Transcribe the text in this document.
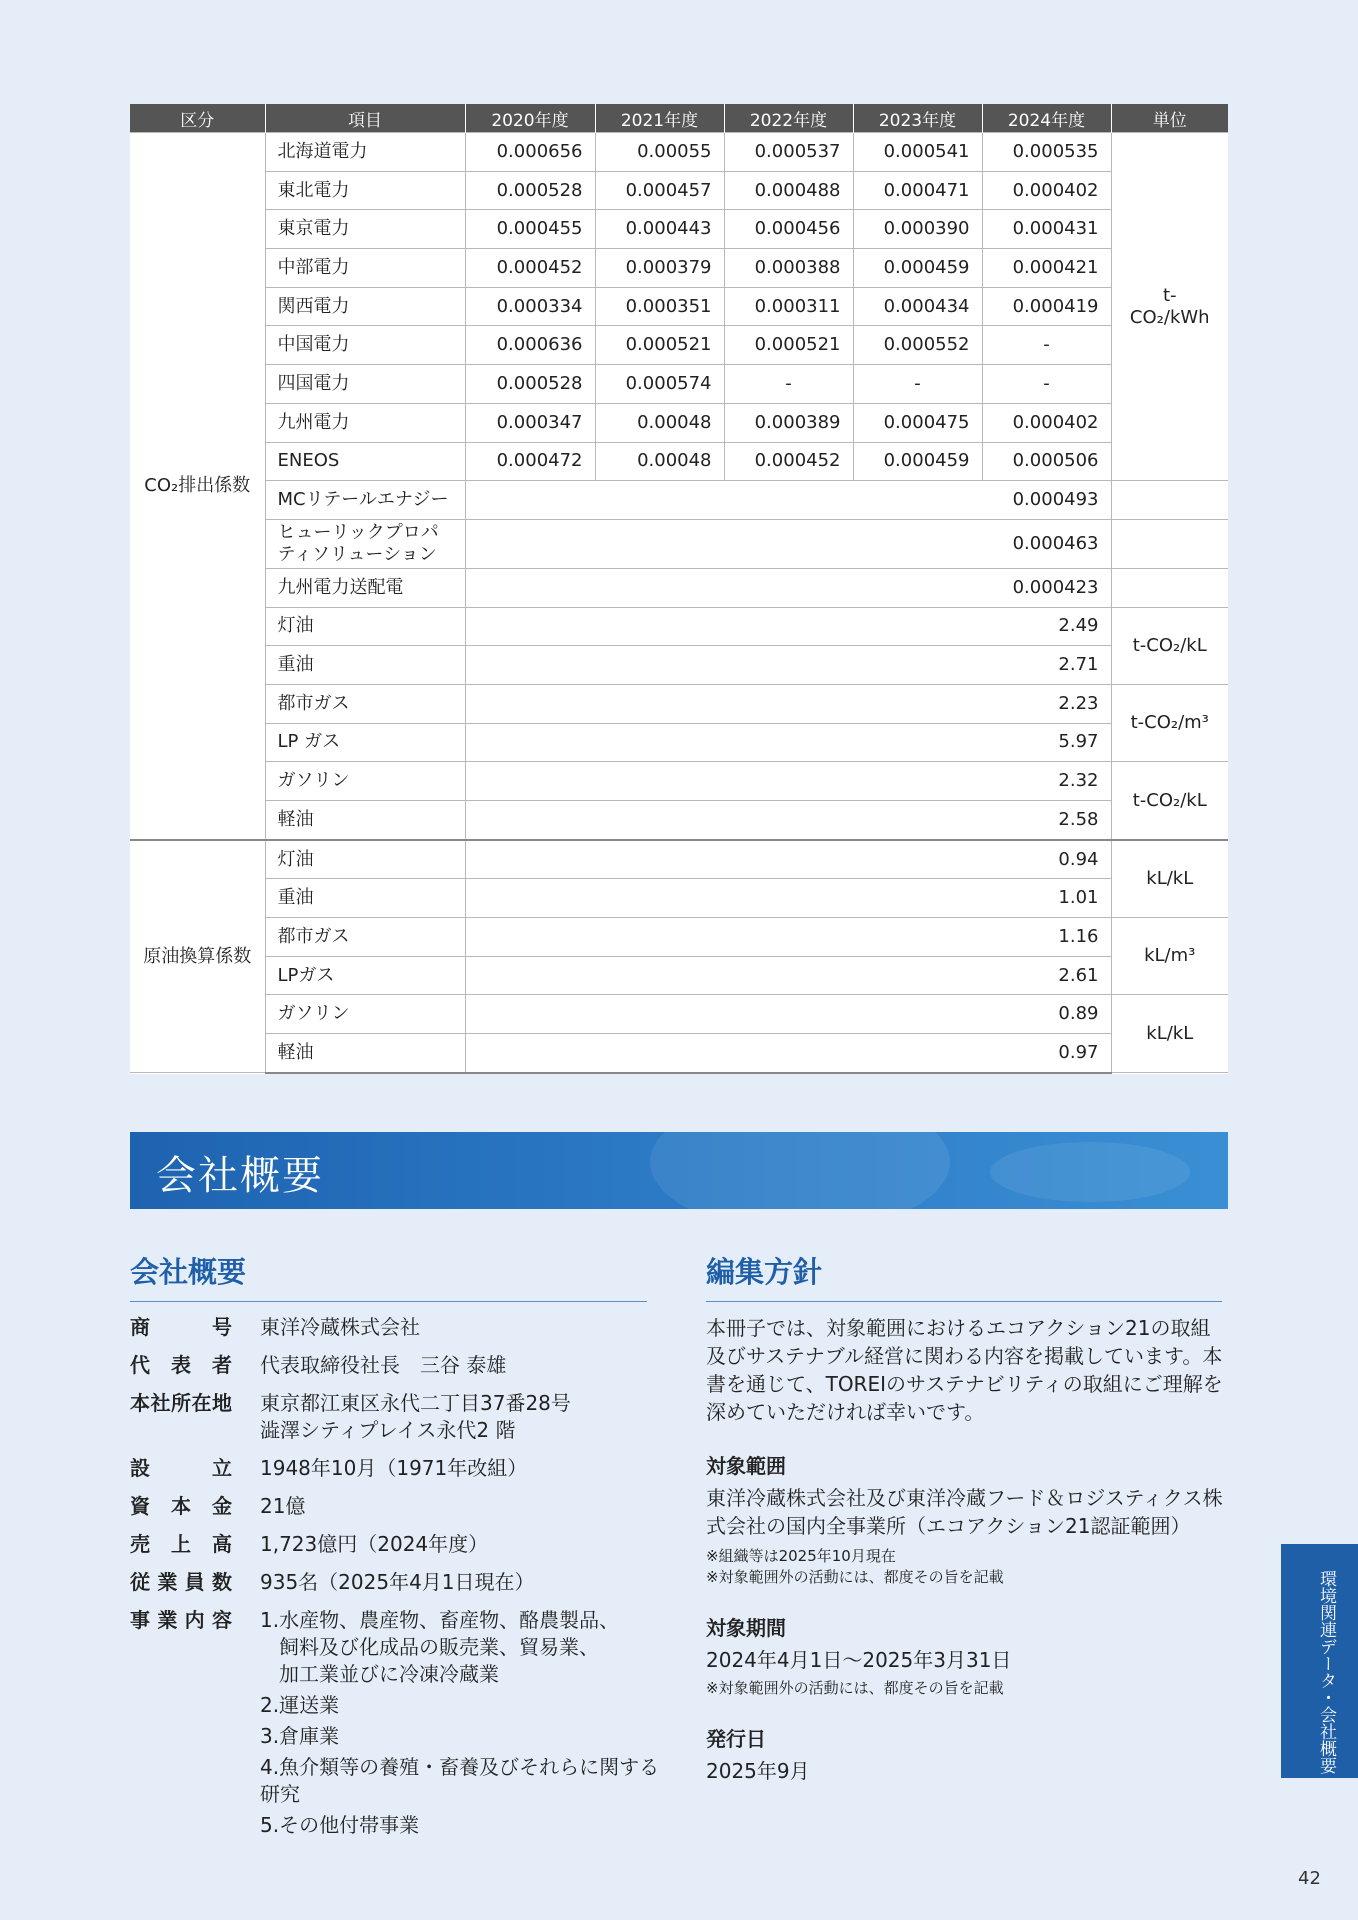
区分	項目	2020年度	2021年度	2022年度	2023年度	2024年度	単位
CO₂排出係数	北海道電力	0.000656	0.00055	0.000537	0.000541	0.000535	t-CO₂/kWh
	東北電力	0.000528	0.000457	0.000488	0.000471	0.000402	
	東京電力	0.000455	0.000443	0.000456	0.000390	0.000431	
	中部電力	0.000452	0.000379	0.000388	0.000459	0.000421	
	関西電力	0.000334	0.000351	0.000311	0.000434	0.000419	
	中国電力	0.000636	0.000521	0.000521	0.000552	-	
	四国電力	0.000528	0.000574	-	-	-	
	九州電力	0.000347	0.00048	0.000389	0.000475	0.000402	
	ENEOS	0.000472	0.00048	0.000452	0.000459	0.000506	
	MCリテールエナジー	0.000493					
	ヒューリックプロパティソリューション	0.000463					
	九州電力送配電	0.000423					
	灯油	2.49					t-CO₂/kL
	重油	2.71					
	都市ガス	2.23					t-CO₂/m³
	LP ガス	5.97					
	ガソリン	2.32					t-CO₂/kL
	軽油	2.58					
原油換算係数	灯油	0.94					kL/kL
	重油	1.01					
	都市ガス	1.16					kL/m³
	LPガス	2.61					
	ガソリン	0.89					kL/kL
	軽油	0.97					
会社概要
会社概要	編集方針
商号	東洋冷蔵株式会社
代表者	代表取締役社長　三谷 泰雄
本社所在地	東京都江東区永代二丁目37番28号
澁澤シティプレイス永代2 階
設立	1948年10月（1971年改組）
資本金	21億
売上高	1,723億円（2024年度）
従業員数	935名（2025年4月1日現在）
事業内容	1.水産物、農産物、畜産物、酪農製品、
飼料及び化成品の販売業、貿易業、
加工業並びに冷凍冷蔵業
2.運送業
3.倉庫業
4.魚介類等の養殖・畜養及びそれらに関する研究
5.その他付帯事業
本冊子では、対象範囲におけるエコアクション21の取組及びサステナブル経営に関わる内容を掲載しています。本書を通じて、TOREIのサステナビリティの取組にご理解を深めていただければ幸いです。
対象範囲
東洋冷蔵株式会社及び東洋冷蔵フード＆ロジスティクス株式会社の国内全事業所（エコアクション21認証範囲）
※組織等は2025年10月現在
※対象範囲外の活動には、都度その旨を記載
対象期間
2024年4月1日～2025年3月31日
※対象範囲外の活動には、都度その旨を記載
発行日
2025年9月	環境関連データ・会社概要
42
